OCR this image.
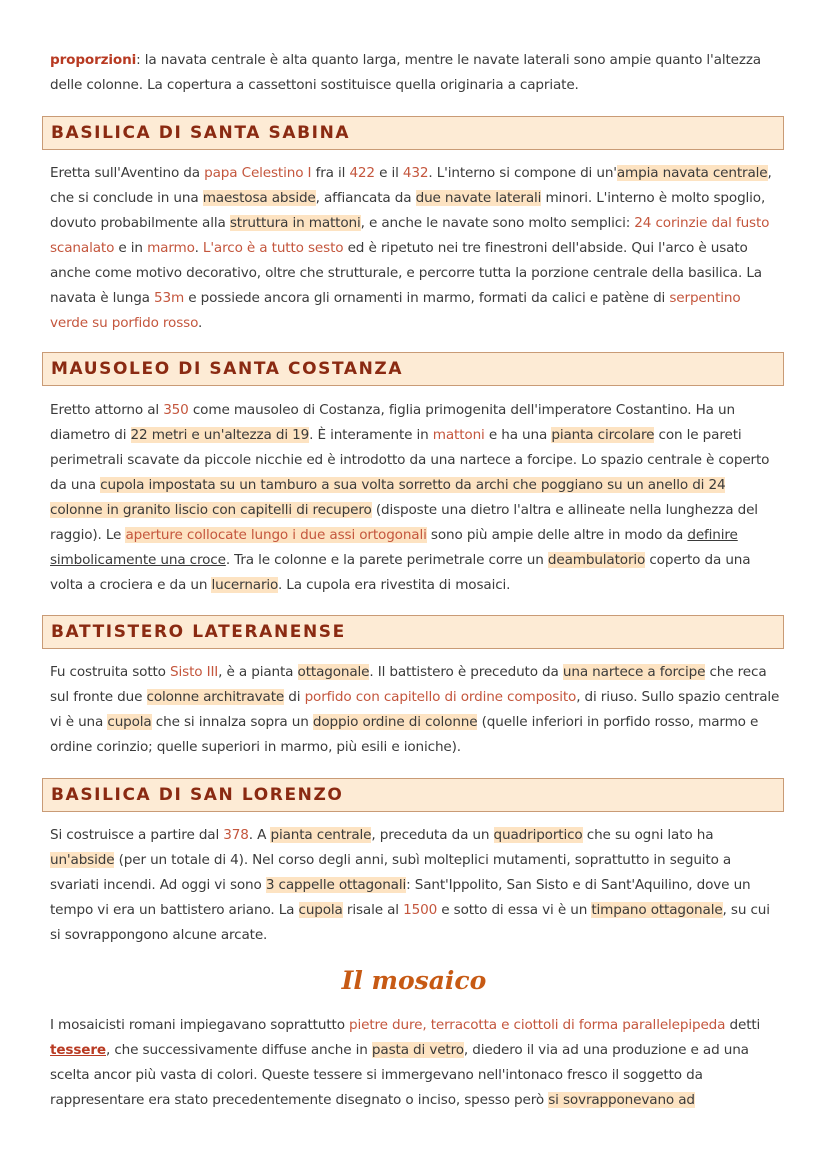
proporzioni: la navata centrale è alta quanto larga, mentre le navate laterali sono ampie quanto l'altezza delle colonne. La copertura a cassettoni sostituisce quella originaria a capriate.
BASILICA DI SANTA SABINA
Eretta sull'Aventino da papa Celestino I fra il 422 e il 432. L'interno si compone di un'ampia navata centrale, che si conclude in una maestosa abside, affiancata da due navate laterali minori. L'interno è molto spoglio, dovuto probabilmente alla struttura in mattoni, e anche le navate sono molto semplici: 24 corinzie dal fusto scanalato e in marmo. L'arco è a tutto sesto ed è ripetuto nei tre finestroni dell'abside. Qui l'arco è usato anche come motivo decorativo, oltre che strutturale, e percorre tutta la porzione centrale della basilica. La navata è lunga 53m e possiede ancora gli ornamenti in marmo, formati da calici e patène di serpentino verde su porfido rosso.
MAUSOLEO DI SANTA COSTANZA
Eretto attorno al 350 come mausoleo di Costanza, figlia primogenita dell'imperatore Costantino. Ha un diametro di 22 metri e un'altezza di 19. È interamente in mattoni e ha una pianta circolare con le pareti perimetrali scavate da piccole nicchie ed è introdotto da una nartece a forcipe. Lo spazio centrale è coperto da una cupola impostata su un tamburo a sua volta sorretto da archi che poggiano su un anello di 24 colonne in granito liscio con capitelli di recupero (disposte una dietro l'altra e allineate nella lunghezza del raggio). Le aperture collocate lungo i due assi ortogonali sono più ampie delle altre in modo da definire simbolicamente una croce. Tra le colonne e la parete perimetrale corre un deambulatorio coperto da una volta a crociera e da un lucernario. La cupola era rivestita di mosaici.
BATTISTERO LATERANENSE
Fu costruita sotto Sisto III, è a pianta ottagonale. Il battistero è preceduto da una nartece a forcipe che reca sul fronte due colonne architravate di porfido con capitello di ordine composito, di riuso. Sullo spazio centrale vi è una cupola che si innalza sopra un doppio ordine di colonne (quelle inferiori in porfido rosso, marmo e ordine corinzio; quelle superiori in marmo, più esili e ioniche).
BASILICA DI SAN LORENZO
Si costruisce a partire dal 378. A pianta centrale, preceduta da un quadriportico che su ogni lato ha un'abside (per un totale di 4). Nel corso degli anni, subì molteplici mutamenti, soprattutto in seguito a svariati incendi. Ad oggi vi sono 3 cappelle ottagonali: Sant'Ippolito, San Sisto e di Sant'Aquilino, dove un tempo vi era un battistero ariano. La cupola risale al 1500 e sotto di essa vi è un timpano ottagonale, su cui si sovrappongono alcune arcate.
Il mosaico
I mosaicisti romani impiegavano soprattutto pietre dure, terracotta e ciottoli di forma parallelepipeda detti tessere, che successivamente diffuse anche in pasta di vetro, diedero il via ad una produzione e ad una scelta ancor più vasta di colori. Queste tessere si immergevano nell'intonaco fresco il soggetto da rappresentare era stato precedentemente disegnato o inciso, spesso però si sovrapponevano ad
